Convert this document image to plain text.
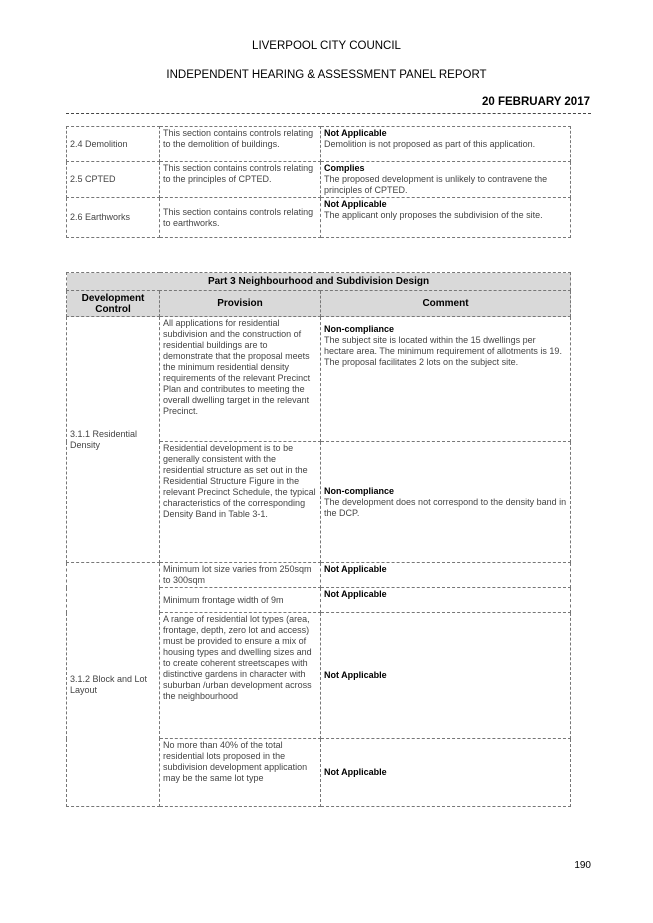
LIVERPOOL CITY COUNCIL
INDEPENDENT HEARING & ASSESSMENT PANEL REPORT
20 FEBRUARY 2017
2.4 Demolition	This section contains controls relating to the demolition of buildings.	Not Applicable
Demolition is not proposed as part of this application.

2.5 CPTED	This section contains controls relating to the principles of CPTED.	Complies
The proposed development is unlikely to contravene the principles of CPTED.

2.6 Earthworks	This section contains controls relating to earthworks.	Not Applicable
The applicant only proposes the subdivision of the site.
Part 3 Neighbourhood and Subdivision Design		
Development Control	Provision	Comment
3.1.1 Residential Density	All applications for residential subdivision and the construction of residential buildings are to demonstrate that the proposal meets the minimum residential density requirements of the relevant Precinct Plan and contributes to meeting the overall dwelling target in the relevant Precinct.	Non-compliance
The subject site is located within the 15 dwellings per hectare area. The minimum requirement of allotments is 19. The proposal facilitates 2 lots on the subject site.

	Residential development is to be generally consistent with the residential structure as set out in the Residential Structure Figure in the relevant Precinct Schedule, the typical characteristics of the corresponding Density Band in Table 3-1.	Non-compliance
The development does not correspond to the density band in the DCP.

3.1.2 Block and Lot Layout	Minimum lot size varies from 250sqm to 300sqm	Not Applicable
	Minimum frontage width of 9m	Not Applicable
	A range of residential lot types (area, frontage, depth, zero lot and access) must be provided to ensure a mix of housing types and dwelling sizes and to create coherent streetscapes with distinctive gardens in character with suburban /urban development across the neighbourhood	Not Applicable
	No more than 40% of the total residential lots proposed in the subdivision development application may be the same lot type	Not Applicable
190
